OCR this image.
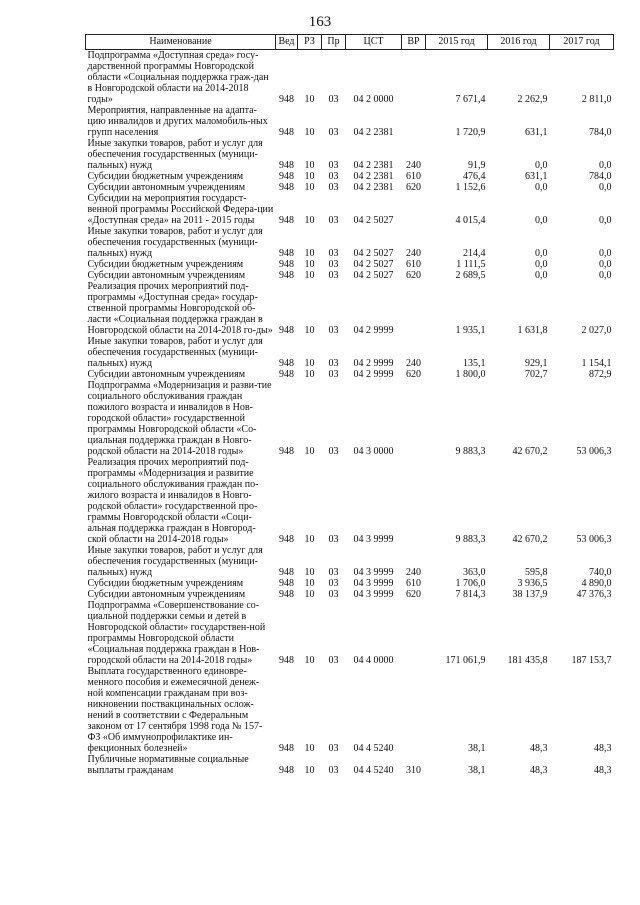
163
Наименование	Вед	РЗ	Пр	ЦСТ	ВР	2015 год	2016 год	2017 год
Подпрограмма «Доступная среда» госу-дарственной программы Новгородской области «Социальная поддержка граж-дан в Новгородской области на 2014-2018 годы»	948	10	03	04 2 0000		7 671,4	2 262,9	2 811,0
Мероприятия, направленные на адапта-цию инвалидов и других маломобиль-ных групп населения	948	10	03	04 2 2381		1 720,9	631,1	784,0
Иные закупки товаров, работ и услуг для обеспечения государственных (муници-пальных) нужд	948	10	03	04 2 2381	240	91,9	0,0	0,0
Субсидии бюджетным учреждениям	948	10	03	04 2 2381	610	476,4	631,1	784,0
Субсидии автономным учреждениям	948	10	03	04 2 2381	620	1 152,6	0,0	0,0
Субсидии на мероприятия государст-венной программы Российской Федера-ции «Доступная среда» на 2011 - 2015 годы	948	10	03	04 2 5027		4 015,4	0,0	0,0
Иные закупки товаров, работ и услуг для обеспечения государственных (муници-пальных) нужд	948	10	03	04 2 5027	240	214,4	0,0	0,0
Субсидии бюджетным учреждениям	948	10	03	04 2 5027	610	1 111,5	0,0	0,0
Субсидии автономным учреждениям	948	10	03	04 2 5027	620	2 689,5	0,0	0,0
Реализация прочих мероприятий под-программы «Доступная среда» государ-ственной программы Новгородской об-ласти «Социальная поддержка граждан в Новгородской области на 2014-2018 го-ды»	948	10	03	04 2 9999		1 935,1	1 631,8	2 027,0
Иные закупки товаров, работ и услуг для обеспечения государственных (муници-пальных) нужд	948	10	03	04 2 9999	240	135,1	929,1	1 154,1
Субсидии автономным учреждениям	948	10	03	04 2 9999	620	1 800,0	702,7	872,9
Подпрограмма «Модернизация и разви-тие социального обслуживания граждан пожилого возраста и инвалидов в Нов-городской области» государственной программы Новгородской области «Со-циальная поддержка граждан в Новго-родской области на 2014-2018 годы»	948	10	03	04 3 0000		9 883,3	42 670,2	53 006,3
Реализация прочих мероприятий под-программы «Модернизация и развитие социального обслуживания граждан по-жилого возраста и инвалидов в Новго-родской области» государственной про-граммы Новгородской области «Соци-альная поддержка граждан в Новгород-ской области на 2014-2018 годы»	948	10	03	04 3 9999		9 883,3	42 670,2	53 006,3
Иные закупки товаров, работ и услуг для обеспечения государственных (муници-пальных) нужд	948	10	03	04 3 9999	240	363,0	595,8	740,0
Субсидии бюджетным учреждениям	948	10	03	04 3 9999	610	1 706,0	3 936,5	4 890,0
Субсидии автономным учреждениям	948	10	03	04 3 9999	620	7 814,3	38 137,9	47 376,3
Подпрограмма «Совершенствование со-циальной поддержки семьи и детей в Новгородской области» государствен-ной программы Новгородской области «Социальная поддержка граждан в Нов-городской области на 2014-2018 годы»	948	10	03	04 4 0000		171 061,9	181 435,8	187 153,7
Выплата государственного единовре-менного пособия и ежемесячной денеж-ной компенсации гражданам при воз-никновении поствакцинальных ослож-нений в соответствии с Федеральным законом от 17 сентября 1998 года № 157-ФЗ «Об иммунопрофилактике ин-фекционных болезней»	948	10	03	04 4 5240		38,1	48,3	48,3
Публичные нормативные социальные выплаты гражданам	948	10	03	04 4 5240	310	38,1	48,3	48,3
